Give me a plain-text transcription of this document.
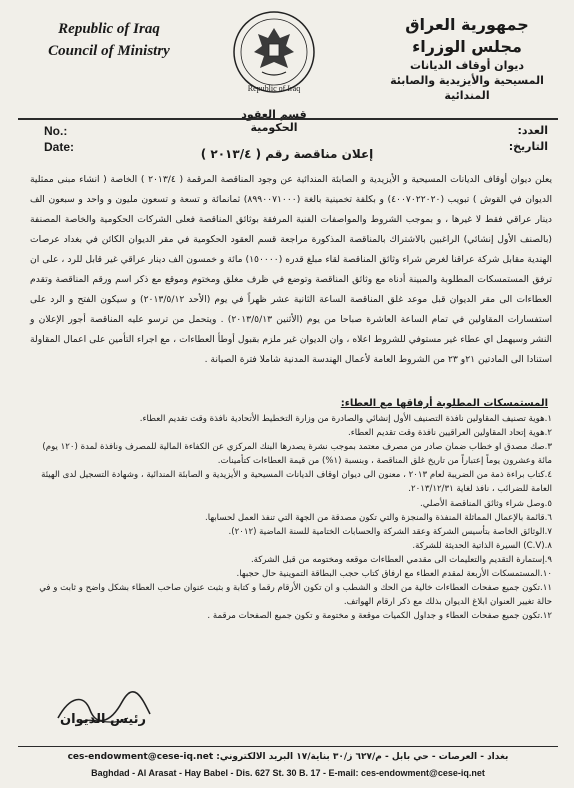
Republic of Iraq
Council of Ministry
Republic of Iraq
جمهورية العراق
مجلس الوزراء
ديوان أوقاف الديانات
المسيحية والأيزيدية والصابئة المندائية
قسم العقود الحكومية
No.:
Date:
العدد:
التاريخ:
إعلان مناقصة رقم ( ٢٠١٣/٤ )
يعلن ديوان أوقاف الديانات المسيحية و الأيزيدية و الصابئة المندائية عن وجود المناقصة المرقمة ( ٢٠١٣/٤ ) الخاصة ( انشاء مبنى ممثلية الديوان في القوش ) تبويب (٤٠٠٧٠٢٢٠٢٠) و بكلفة تخمينية بالغة (٨٩٩٠٠٧١٠٠٠) ثمانمائة و تسعة و تسعون مليون و واحد و سبعون الف دينار عراقي فقط لا غيرها ، و بموجب الشروط والمواصفات الفنية المرفقة بوثائق المناقصة فعلى الشركات الحكومية والخاصة المصنفة (بالصنف الأول إنشائي) الراغبين بالاشتراك بالمناقصة المذكورة مراجعة قسم العقود الحكومية في مقر الديوان الكائن في بغداد عرصات الهندية مقابل شركة عراقنا لغرض شراء وثائق المناقصة لقاء مبلغ قدره (١٥٠٠٠٠) مائة و خمسون الف دينار عراقي غير قابل للرد ، على ان ترفق المستمسكات المطلوبة والمبينة أدناه مع وثائق المناقصة وتوضع في ظرف مغلق ومختوم وموقع مع ذكر اسم ورقم المناقصة وتقدم العطاءات الى مقر الديوان قبل موعد غلق المناقصة الساعة الثانية عشر ظهراً في يوم (الأحد ٢٠١٣/٥/١٢) و سيكون الفتح و الرد على استفسارات المقاولين في تمام الساعة العاشرة صباحا من يوم (الأثنين ٢٠١٣/٥/١٣) . ويتحمل من ترسو عليه المناقصة أجور الإعلان و النشر وسيهمل اي عطاء غير مستوفي للشروط اعلاه ، وان الديوان غير ملزم بقبول أوطأ العطاءات ، مع اجراء التأمين على اعمال المقاولة استنادا الى المادتين ٢١و ٢٣ من الشروط العامة لأعمال الهندسة المدنية شاملا فترة الصيانة .
المستمسكات المطلوبة أرفاقها مع العطاء:
١.هوية تصنيف المقاولين نافذة التصنيف الأول إنشائي والصادرة من وزارة التخطيط الأتحادية نافذة وقت تقديم العطاء.
٢.هوية إتحاد المقاولين العراقيين نافذة وقت تقديم العطاء.
٣.صك مصدق او خطاب ضمان صادر من مصرف معتمد بموجب نشرة يصدرها البنك المركزي عن الكفاءة المالية للمصرف ونافذة لمدة (١٢٠ يوم) مائة وعشرون يوماً إعتباراً من تاريخ غلق المناقصة ، وبنسبة (١%) من قيمة العطاءات كتأمينات.
٤.كتاب براءة ذمة من الضريبة لعام ٢٠١٣ ، معنون الى ديوان اوقاف الديانات المسيحية و الأيزيدية و الصابئة المندائية ، وشهادة التسجيل لدى الهيئة العامة للضرائب ، نافذ لغاية ٢٠١٣/١٢/٣١.
٥.وصل شراء وثائق المناقصة الأصلي.
٦.قائمة بالإعمال المماثلة المنفذة والمنجزة والتي تكون مصدقة من الجهة التي تنفذ العمل لحسابها.
٧.الوثائق الخاصة بتأسيس الشركة وعقد الشركة والحسابات الختامية للسنة الماضية (٢٠١٢).
٨.(C.V) السيرة الذاتية الحديثة للشركة.
٩.إستمارة التقديم والتعليمات الى مقدمي العطاءات موقعه ومختومه من قبل الشركة.
١٠.المستمسكات الأربعة لمقدم العطاء مع ارفاق كتاب حجب البطاقة التموينية حال حجبها.
١١.تكون جميع صفحات العطاءات خالية من الحك و الشطب و ان تكون الأرقام رقما و كتابة و بثبت عنوان صاحب العطاء بشكل واضح و ثابت و في حالة تغيير العنوان ابلاغ الديوان بذلك مع ذكر ارقام الهواتف.
١٢.تكون جميع صفحات العطاء و جداول الكميات موقعة و مختومة و تكون جميع الصفحات مرقمة .
رئيس الديوان
بغداد - العرصات - حي بابل - م/٦٢٧ ز/٣٠ بناية/١٧ البريد الالكتروني: ces-endowment@cese-iq.net
Baghdad - Al Arasat - Hay Babel - Dis. 627 St. 30 B. 17 - E-mail: ces-endowment@cese-iq.net
